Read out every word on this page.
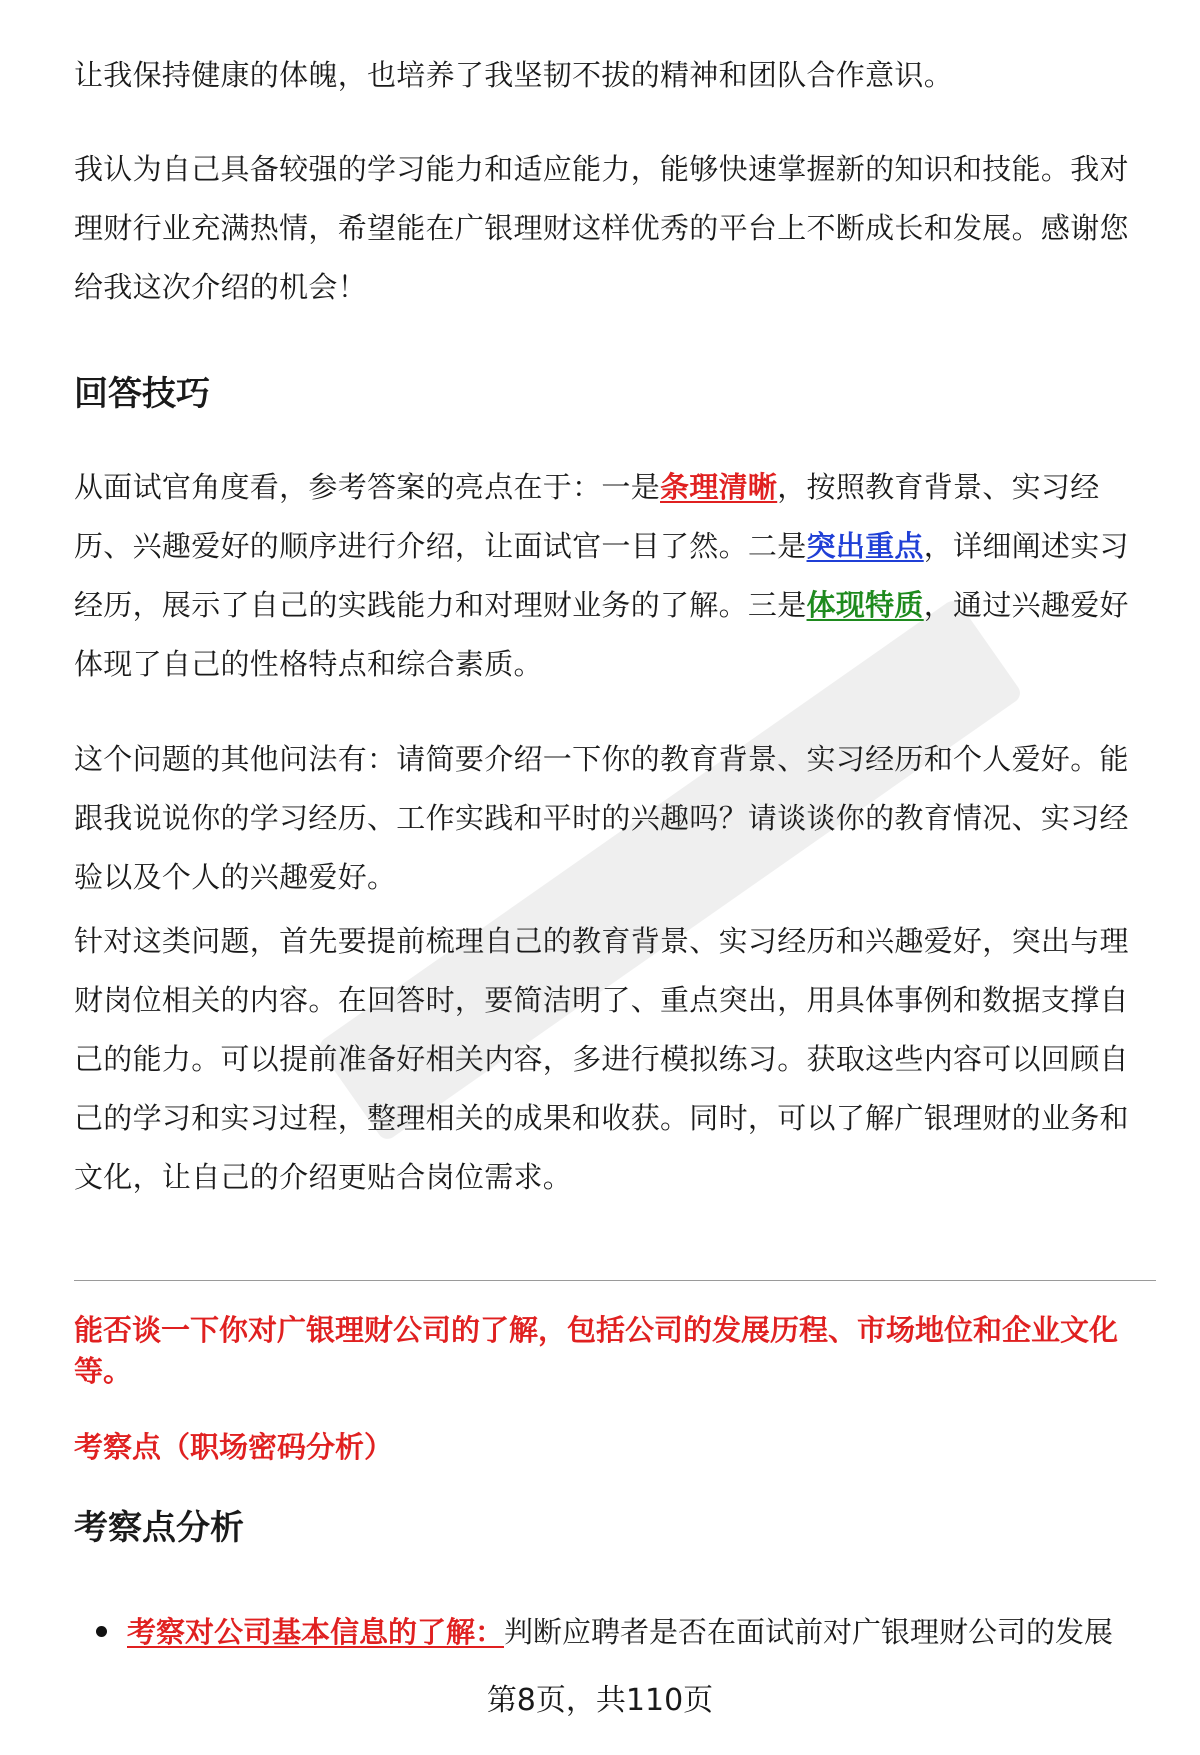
让我保持健康的体魄，也培养了我坚韧不拔的精神和团队合作意识。

我认为自己具备较强的学习能力和适应能力，能够快速掌握新的知识和技能。我对理财行业充满热情，希望能在广银理财这样优秀的平台上不断成长和发展。感谢您给我这次介绍的机会！

回答技巧

从面试官角度看，参考答案的亮点在于：一是条理清晰，按照教育背景、实习经历、兴趣爱好的顺序进行介绍，让面试官一目了然。二是突出重点，详细阐述实习经历，展示了自己的实践能力和对理财业务的了解。三是体现特质，通过兴趣爱好体现了自己的性格特点和综合素质。

这个问题的其他问法有：请简要介绍一下你的教育背景、实习经历和个人爱好。能跟我说说你的学习经历、工作实践和平时的兴趣吗？请谈谈你的教育情况、实习经验以及个人的兴趣爱好。

针对这类问题，首先要提前梳理自己的教育背景、实习经历和兴趣爱好，突出与理财岗位相关的内容。在回答时，要简洁明了、重点突出，用具体事例和数据支撑自己的能力。可以提前准备好相关内容，多进行模拟练习。获取这些内容可以回顾自己的学习和实习过程，整理相关的成果和收获。同时，可以了解广银理财的业务和文化，让自己的介绍更贴合岗位需求。

能否谈一下你对广银理财公司的了解，包括公司的发展历程、市场地位和企业文化等。

考察点（职场密码分析）

考察点分析
考察对公司基本信息的了解：判断应聘者是否在面试前对广银理财公司的发展
第8页，共110页
